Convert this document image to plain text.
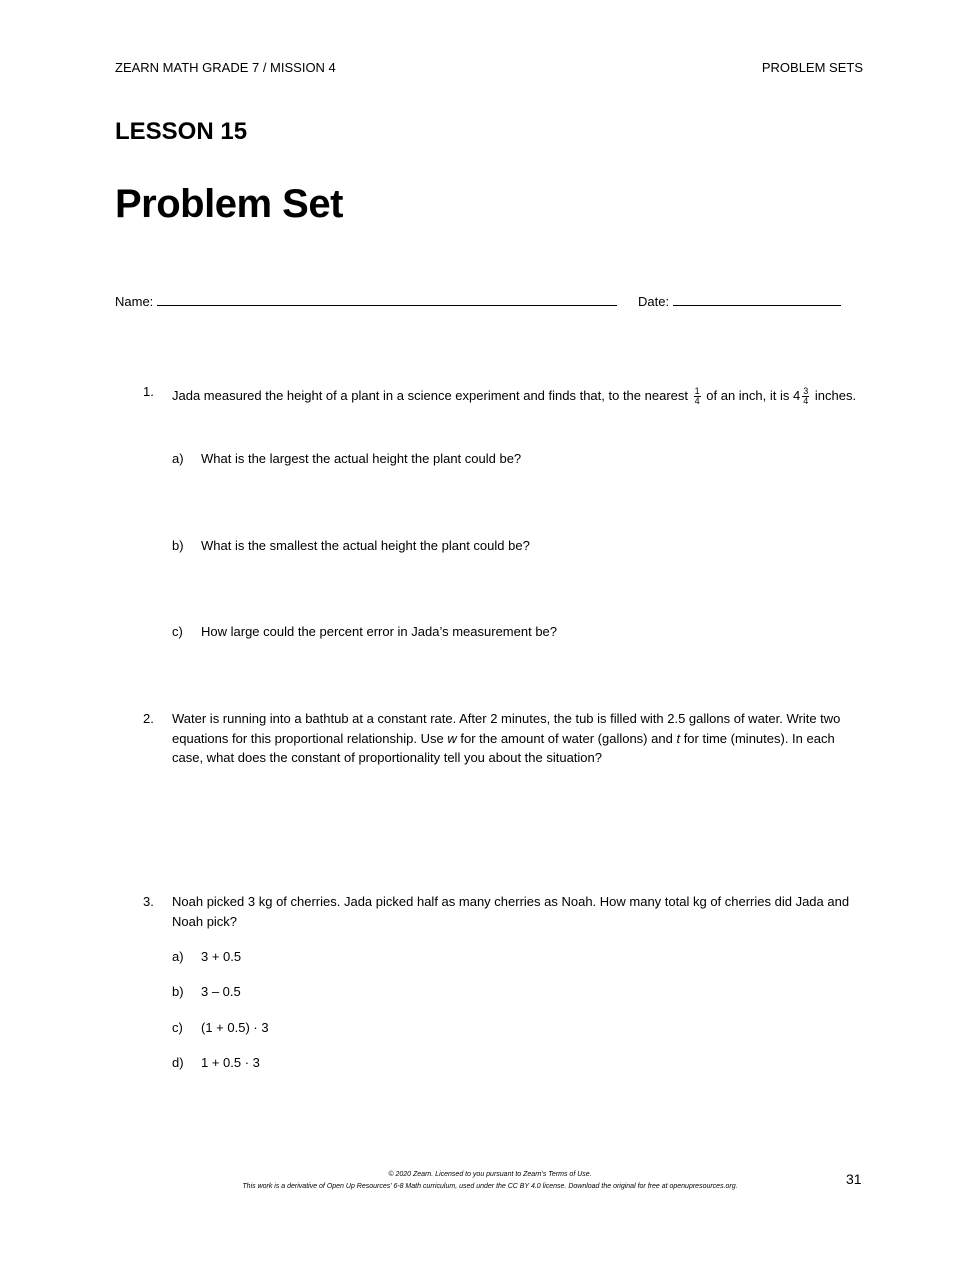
ZEARN MATH GRADE 7 / MISSION 4	PROBLEM SETS
LESSON 15
Problem Set
Name:	Date:
1. Jada measured the height of a plant in a science experiment and finds that, to the nearest $\frac{1}{4}$ of an inch, it is $4 \frac{3}{4}$ inches.
a) What is the largest the actual height the plant could be?
b) What is the smallest the actual height the plant could be?
c) How large could the percent error in Jada’s measurement be?
2. Water is running into a bathtub at a constant rate. After 2 minutes, the tub is filled with 2.5 gallons of water. Write two equations for this proportional relationship. Use w for the amount of water (gallons) and t for time (minutes). In each case, what does the constant of proportionality tell you about the situation?
3. Noah picked 3 kg of cherries. Jada picked half as many cherries as Noah. How many total kg of cherries did Jada and Noah pick?
a) 3 + 0.5
b) 3 – 0.5
c) (1 + 0.5) · 3
d) 1 + 0.5 · 3
© 2020 Zearn. Licensed to you pursuant to Zearn’s Terms of Use.
This work is a derivative of Open Up Resources’ 6-8 Math curriculum, used under the CC BY 4.0 license. Download the original for free at openupresources.org.	31
